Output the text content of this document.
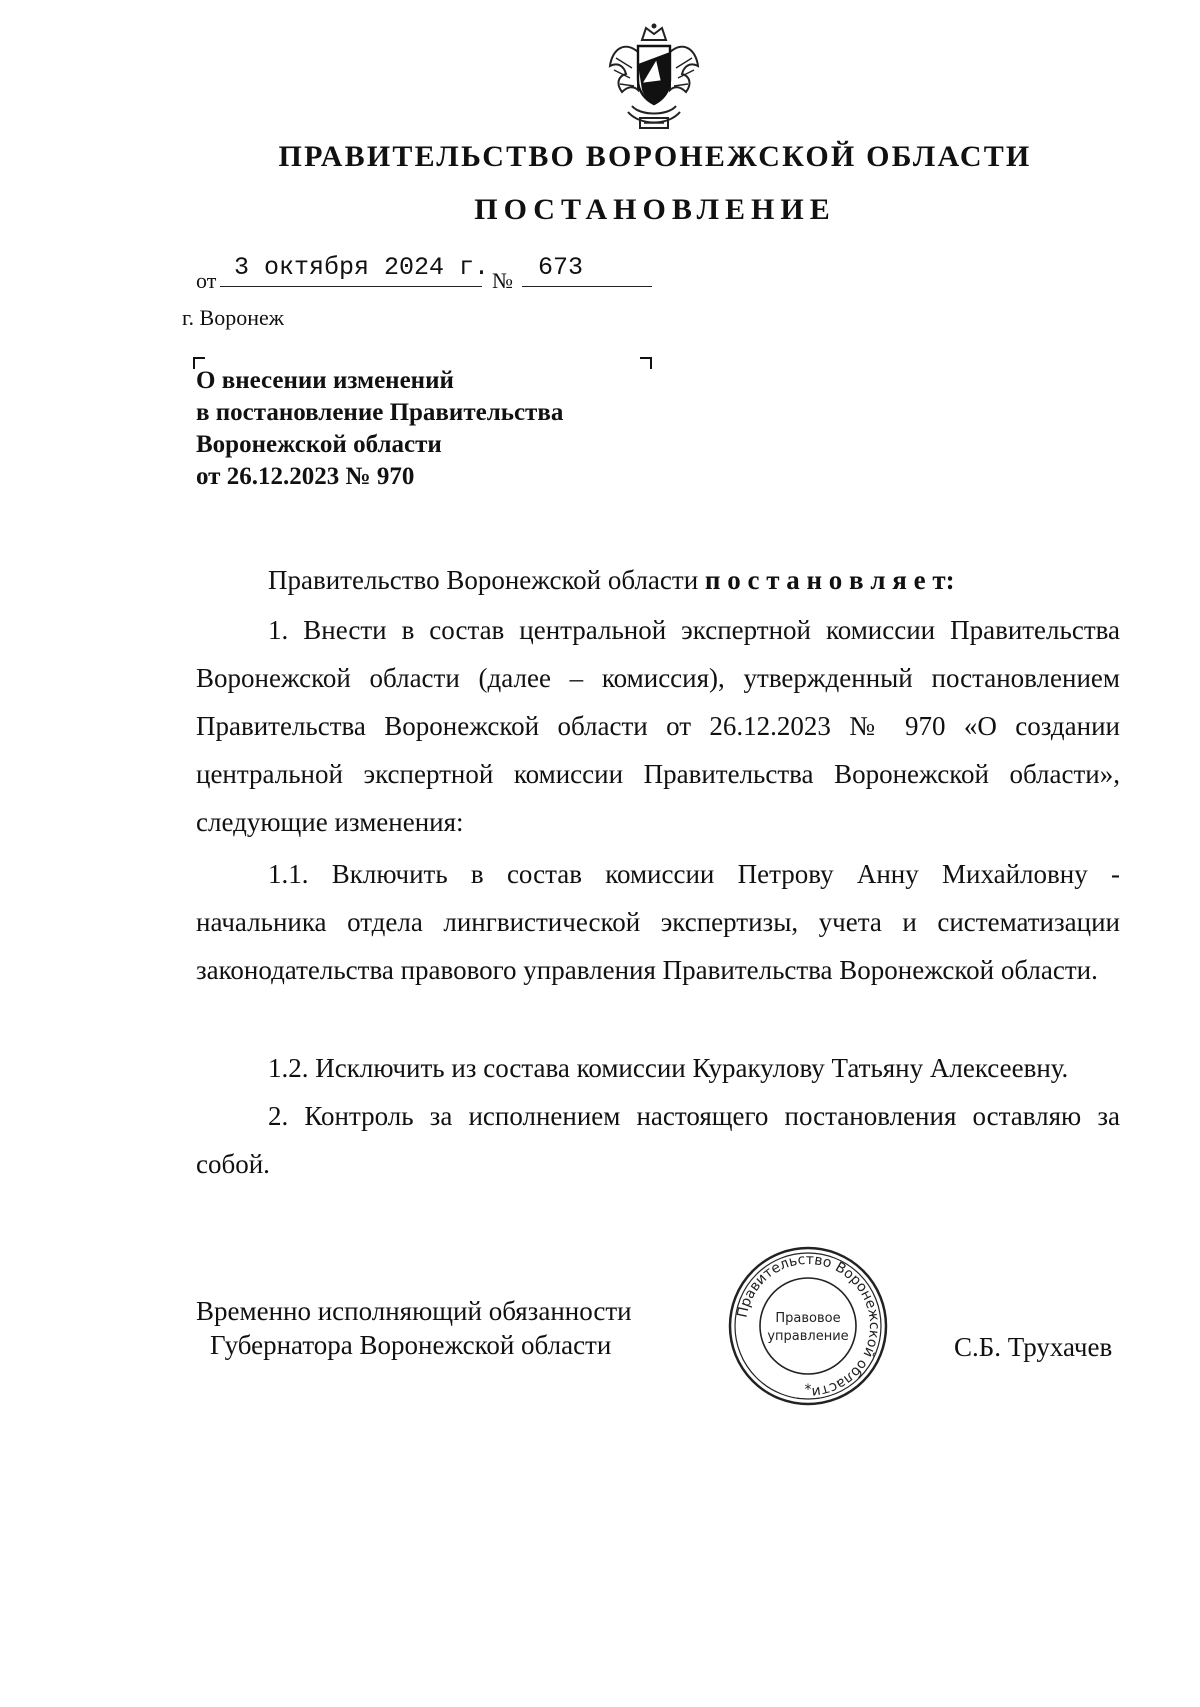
ПРАВИТЕЛЬСТВО ВОРОНЕЖСКОЙ ОБЛАСТИ
ПОСТАНОВЛЕНИЕ
от 3 октября 2024 г. № 673
г. Воронеж
О внесении изменений
в постановление Правительства
Воронежской области
от 26.12.2023 № 970
Правительство Воронежской области п о с т а н о в л я е т:
1. Внести в состав центральной экспертной комиссии Правительства Воронежской области (далее – комиссия), утвержденный постановлением Правительства Воронежской области от 26.12.2023 № 970 «О создании центральной экспертной комиссии Правительства Воронежской области», следующие изменения:
1.1. Включить в состав комиссии Петрову Анну Михайловну - начальника отдела лингвистической экспертизы, учета и систематизации законодательства правового управления Правительства Воронежской области.
1.2. Исключить из состава комиссии Куракулову Татьяну Алексеевну.
2. Контроль за исполнением настоящего постановления оставляю за собой.
Временно исполняющий обязанности
Губернатора Воронежской области	С.Б. Трухачев
Правительство Воронежской области
Правовое
управление
*
